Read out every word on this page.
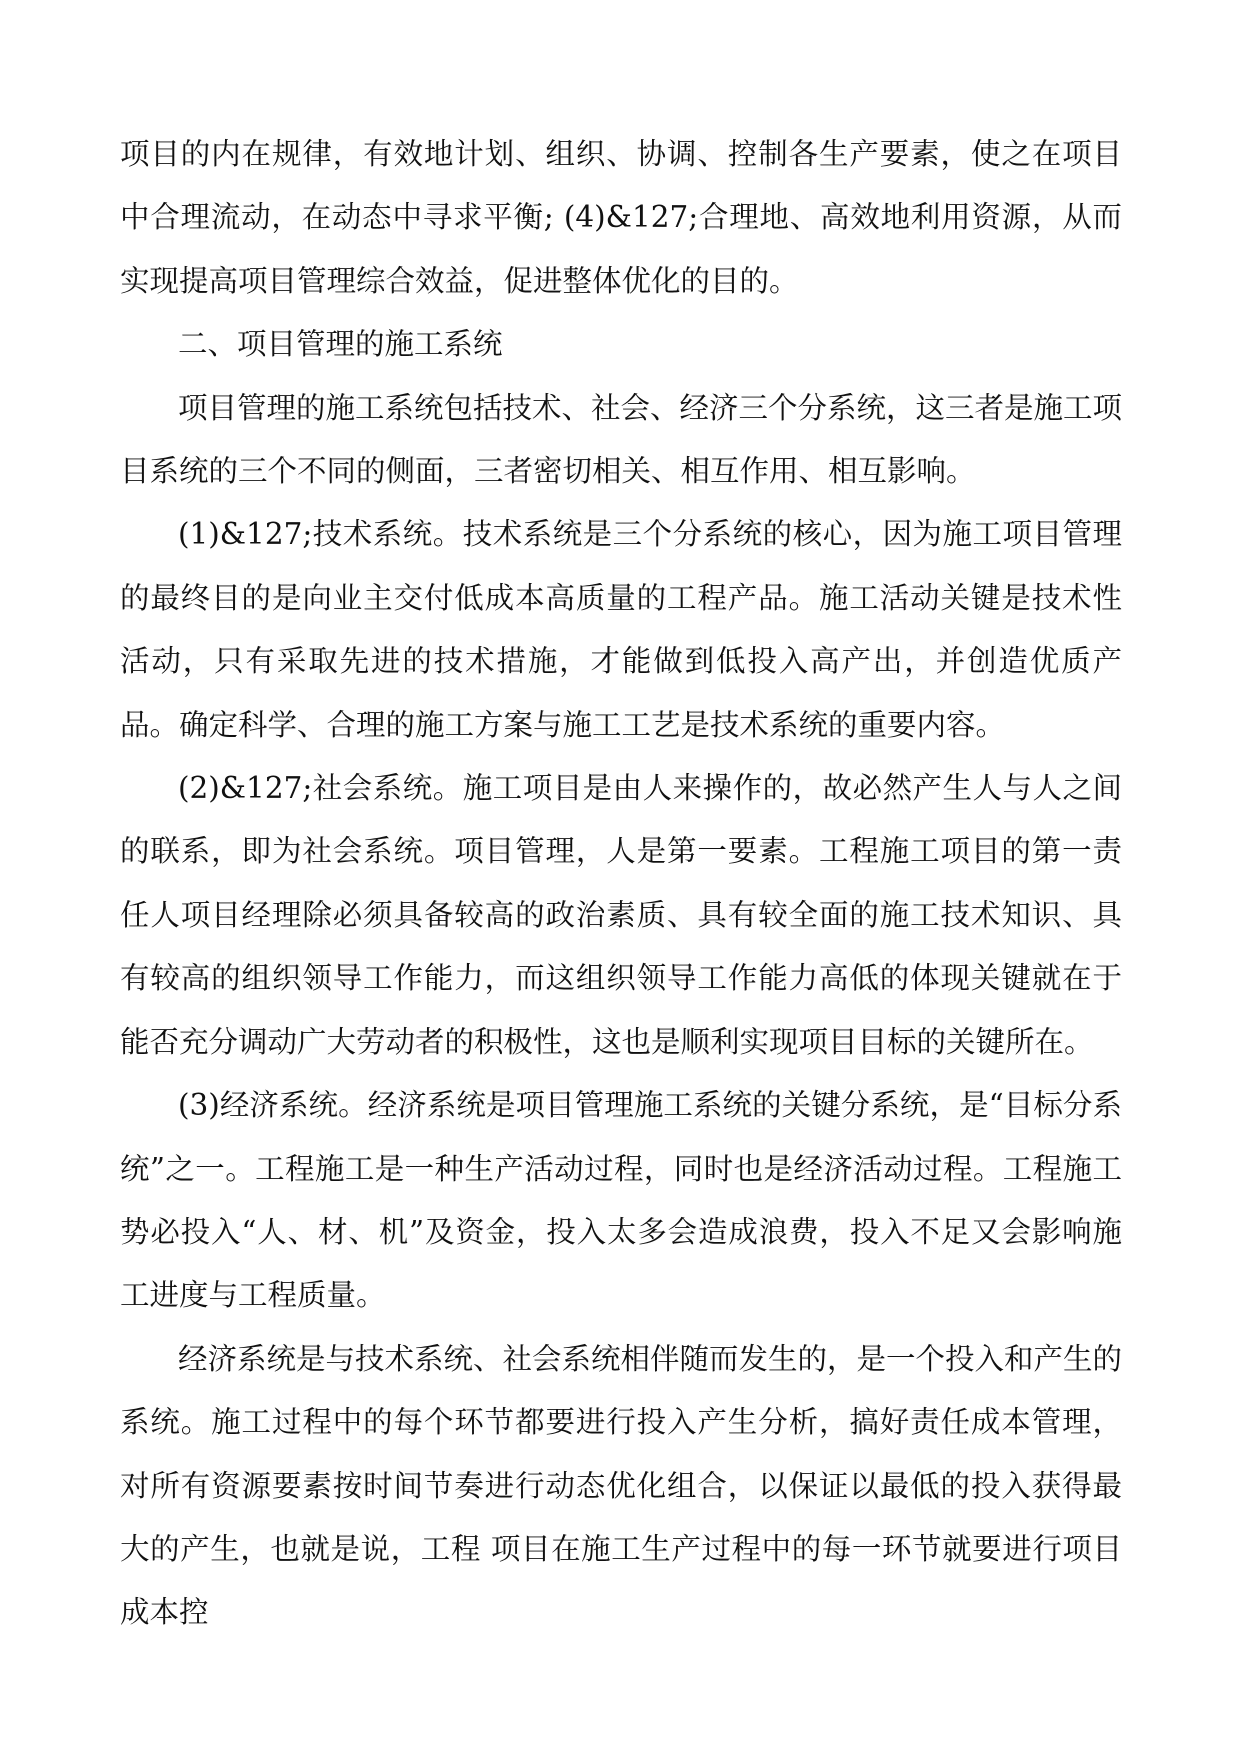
项目的内在规律，有效地计划、组织、协调、控制各生产要素，使之在项目中合理流动，在动态中寻求平衡; (4)&127;合理地、高效地利用资源，从而实现提高项目管理综合效益，促进整体优化的目的。

二、项目管理的施工系统

项目管理的施工系统包括技术、社会、经济三个分系统，这三者是施工项目系统的三个不同的侧面，三者密切相关、相互作用、相互影响。

(1)&127;技术系统。技术系统是三个分系统的核心，因为施工项目管理的最终目的是向业主交付低成本高质量的工程产品。施工活动关键是技术性活动，只有采取先进的技术措施，才能做到低投入高产出，并创造优质产品。确定科学、合理的施工方案与施工工艺是技术系统的重要内容。

(2)&127;社会系统。施工项目是由人来操作的，故必然产生人与人之间的联系，即为社会系统。项目管理，人是第一要素。工程施工项目的第一责任人项目经理除必须具备较高的政治素质、具有较全面的施工技术知识、具有较高的组织领导工作能力，而这组织领导工作能力高低的体现关键就在于能否充分调动广大劳动者的积极性，这也是顺利实现项目目标的关键所在。

(3)经济系统。经济系统是项目管理施工系统的关键分系统，是“目标分系统”之一。工程施工是一种生产活动过程，同时也是经济活动过程。工程施工势必投入“人、材、机”及资金，投入太多会造成浪费，投入不足又会影响施工进度与工程质量。

经济系统是与技术系统、社会系统相伴随而发生的，是一个投入和产生的系统。施工过程中的每个环节都要进行投入产生分析，搞好责任成本管理，对所有资源要素按时间节奏进行动态优化组合，以保证以最低的投入获得最大的产生，也就是说，工程 项目在施工生产过程中的每一环节就要进行项目成本控
